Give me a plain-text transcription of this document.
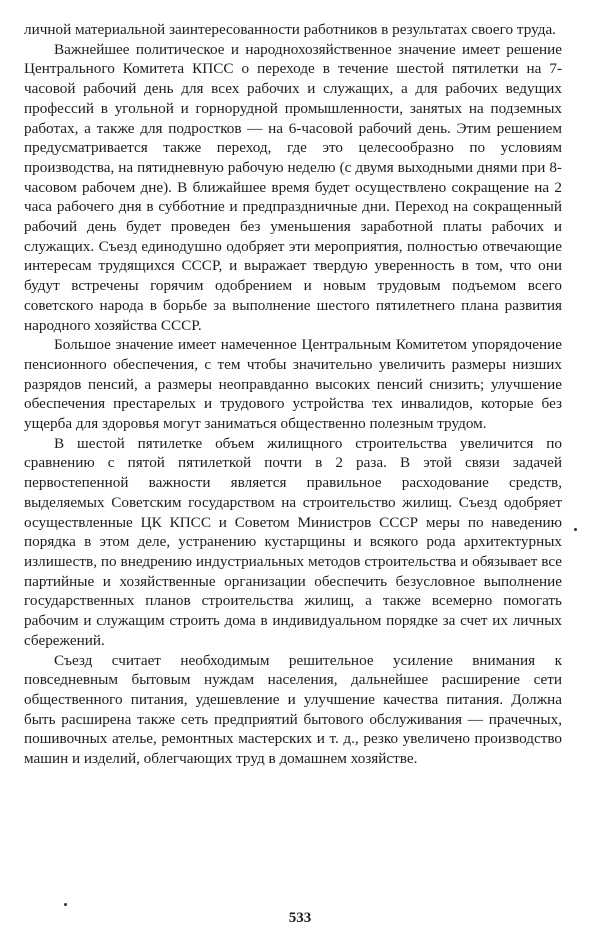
личной материальной заинтересованности работников в результатах своего труда.

Важнейшее политическое и народнохозяйственное значение имеет решение Центрального Комитета КПСС о переходе в течение шестой пятилетки на 7-часовой рабочий день для всех рабочих и служащих, а для рабочих ведущих профессий в угольной и горнорудной промышленности, занятых на подземных работах, а также для подростков — на 6-часовой рабочий день. Этим решением предусматривается также переход, где это целесообразно по условиям производства, на пятидневную рабочую неделю (с двумя выходными днями при 8-часовом рабочем дне). В ближайшее время будет осуществлено сокращение на 2 часа рабочего дня в субботние и предпраздничные дни. Переход на сокращенный рабочий день будет проведен без уменьшения заработной платы рабочих и служащих. Съезд единодушно одобряет эти мероприятия, полностью отвечающие интересам трудящихся СССР, и выражает твердую уверенность в том, что они будут встречены горячим одобрением и новым трудовым подъемом всего советского народа в борьбе за выполнение шестого пятилетнего плана развития народного хозяйства СССР.

Большое значение имеет намеченное Центральным Комитетом упорядочение пенсионного обеспечения, с тем чтобы значительно увеличить размеры низших разрядов пенсий, а размеры неоправданно высоких пенсий снизить; улучшение обеспечения престарелых и трудового устройства тех инвалидов, которые без ущерба для здоровья могут заниматься общественно полезным трудом.

В шестой пятилетке объем жилищного строительства увеличится по сравнению с пятой пятилеткой почти в 2 раза. В этой связи задачей первостепенной важности является правильное расходование средств, выделяемых Советским государством на строительство жилищ. Съезд одобряет осуществленные ЦК КПСС и Советом Министров СССР меры по наведению порядка в этом деле, устранению кустарщины и всякого рода архитектурных излишеств, по внедрению индустриальных методов строительства и обязывает все партийные и хозяйственные организации обеспечить безусловное выполнение государственных планов строительства жилищ, а также всемерно помогать рабочим и служащим строить дома в индивидуальном порядке за счет их личных сбережений.

Съезд считает необходимым решительное усиление внимания к повседневным бытовым нуждам населения, дальнейшее расширение сети общественного питания, удешевление и улучшение качества питания. Должна быть расширена также сеть предприятий бытового обслуживания — прачечных, пошивочных ателье, ремонтных мастерских и т. д., резко увеличено производство машин и изделий, облегчающих труд в домашнем хозяйстве.

533
